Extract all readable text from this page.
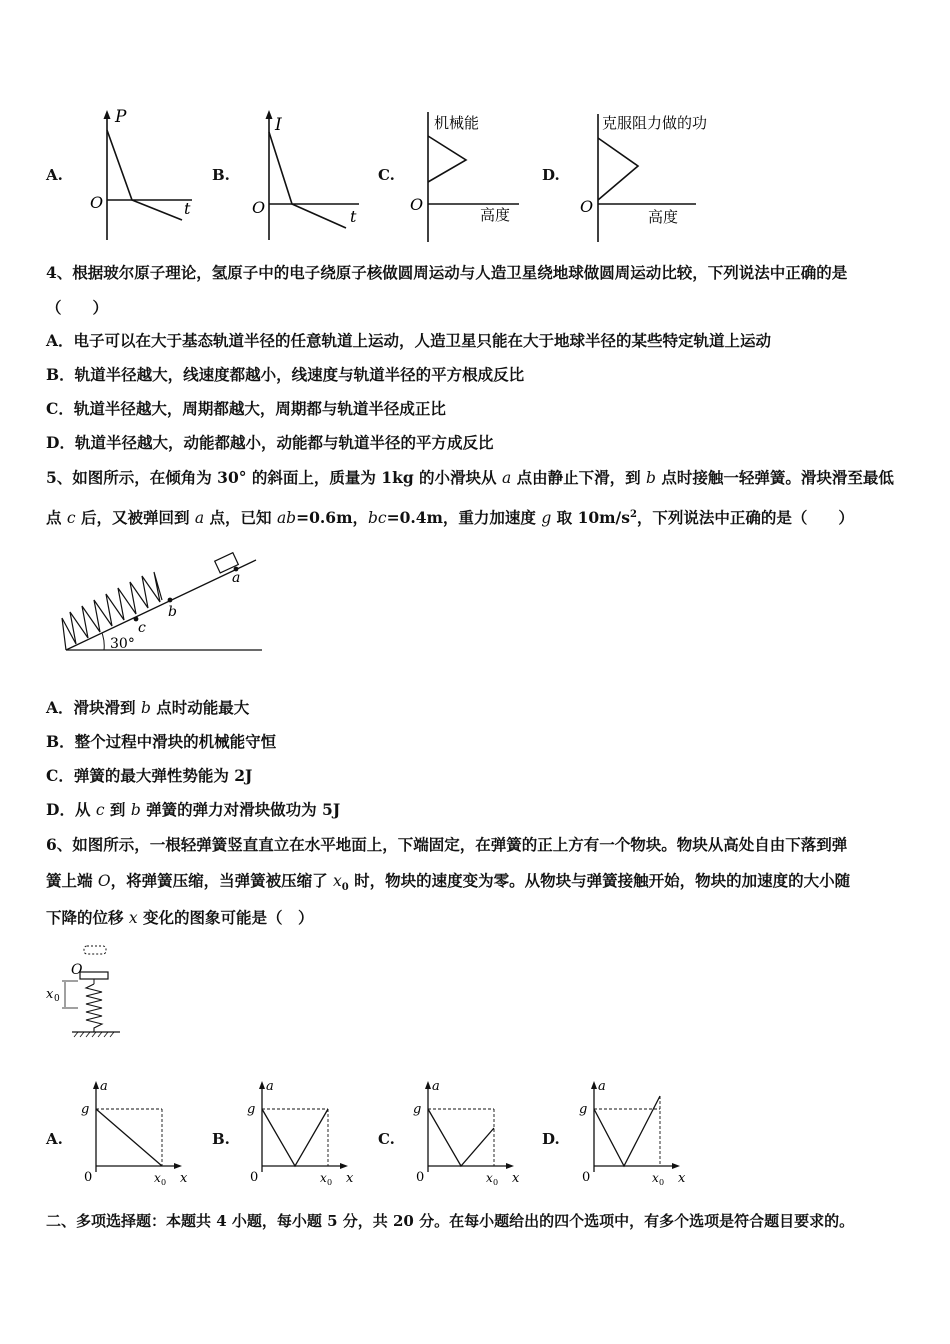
A.	B.	C.	D.
P
t
O
I
t
O
机械能
高度
O
克服阻力做的功
高度
O
4、根据玻尔原子理论，氢原子中的电子绕原子核做圆周运动与人造卫星绕地球做圆周运动比较，下列说法中正确的是
（　　）
A．电子可以在大于基态轨道半径的任意轨道上运动，人造卫星只能在大于地球半径的某些特定轨道上运动
B．轨道半径越大，线速度都越小，线速度与轨道半径的平方根成反比
C．轨道半径越大，周期都越大，周期都与轨道半径成正比
D．轨道半径越大，动能都越小，动能都与轨道半径的平方成反比
5、如图所示，在倾角为 30° 的斜面上，质量为 1kg 的小滑块从 a 点由静止下滑，到 b 点时接触一轻弹簧。滑块滑至最低
点 c 后，又被弹回到 a 点，已知 ab=0.6m，bc=0.4m，重力加速度 g 取 $10m/s^2$，下列说法中正确的是（　　）
a
b
c
30°
A．滑块滑到 b 点时动能最大
B．整个过程中滑块的机械能守恒
C．弹簧的最大弹性势能为 2J
D．从 c 到 b 弹簧的弹力对滑块做功为 5J
6、如图所示，一根轻弹簧竖直直立在水平地面上，下端固定，在弹簧的正上方有一个物块。物块从高处自由下落到弹
簧上端 O，将弹簧压缩，当弹簧被压缩了 $x_0$ 时，物块的速度变为零。从物块与弹簧接触开始，物块的加速度的大小随
下降的位移 x 变化的图象可能是（　）
O
x 0
A.	B.	C.	D.
a
g
0	x 0 x
a
g
0	x 0 x
a
g
0	x 0 x
a
g
0	x 0 x
二、多项选择题：本题共 4 小题，每小题 5 分，共 20 分。在每小题给出的四个选项中，有多个选项是符合题目要求的。
